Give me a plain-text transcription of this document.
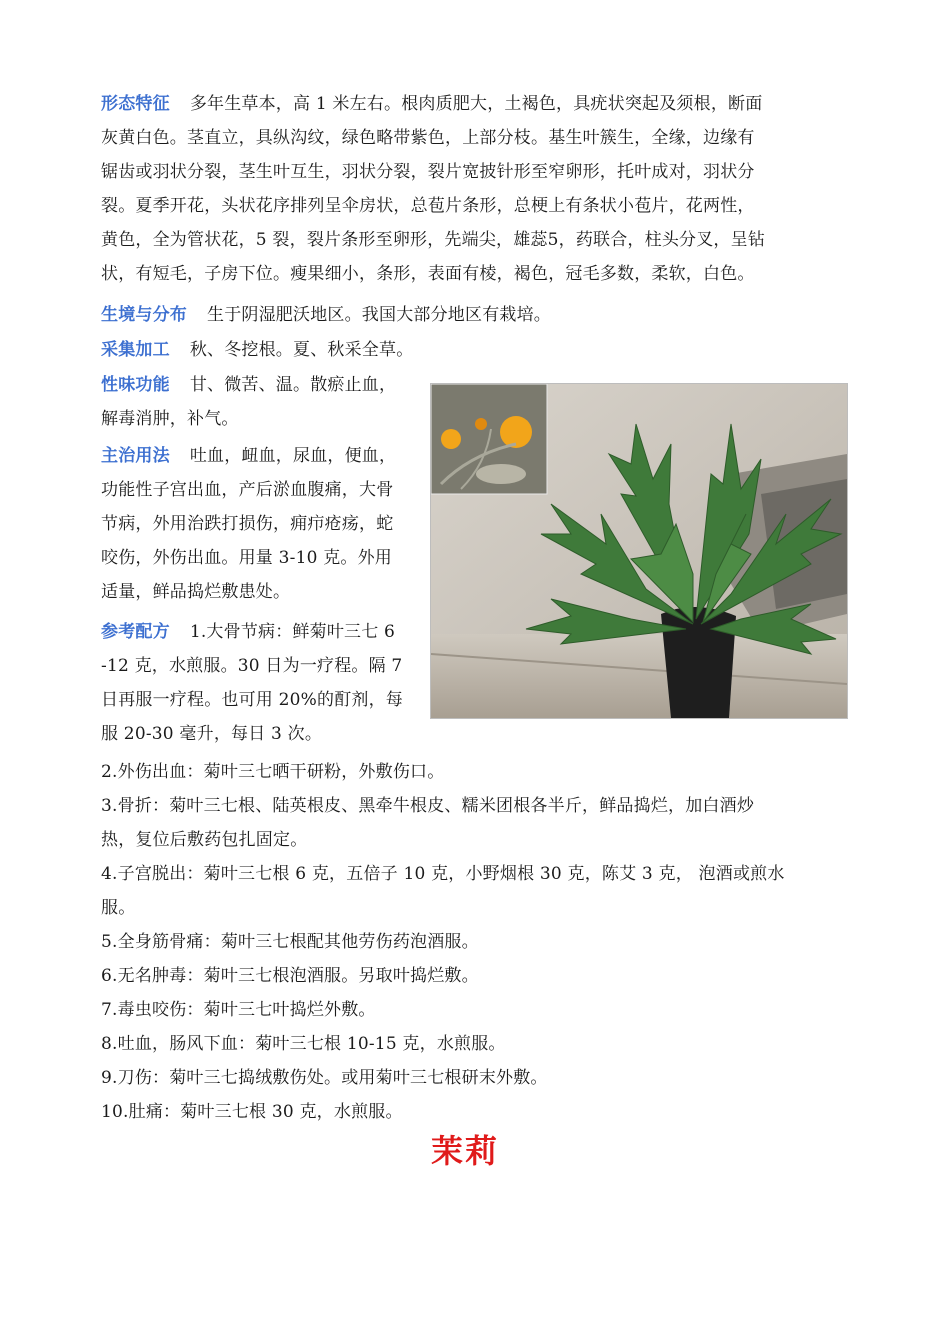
形态特征 多年生草本，高 1 米左右。根肉质肥大，土褐色，具疣状突起及须根，断面
灰黄白色。茎直立，具纵沟纹，绿色略带紫色，上部分枝。基生叶簇生，全缘，边缘有
锯齿或羽状分裂，茎生叶互生，羽状分裂，裂片宽披针形至窄卵形，托叶成对，羽状分
裂。夏季开花，头状花序排列呈伞房状，总苞片条形，总梗上有条状小苞片，花两性，
黄色，全为管状花，5 裂，裂片条形至卵形，先端尖，雄蕊5，药联合，柱头分叉，呈钻
状，有短毛，子房下位。瘦果细小，条形，表面有棱，褐色，冠毛多数，柔软，白色。
生境与分布 生于阴湿肥沃地区。我国大部分地区有栽培。
采集加工 秋、冬挖根。夏、秋采全草。
性味功能 甘、微苦、温。散瘀止血，
解毒消肿，补气。
主治用法 吐血，衄血，尿血，便血，
功能性子宫出血，产后淤血腹痛，大骨
节病，外用治跌打损伤，痈疖疮疡，蛇
咬伤，外伤出血。用量 3-10 克。外用
适量，鲜品捣烂敷患处。
参考配方 1.大骨节病：鲜菊叶三七 6
-12 克，水煎服。30 日为一疗程。隔 7
日再服一疗程。也可用 20%的酊剂，每
服 20-30 毫升，每日 3 次。
2.外伤出血：菊叶三七晒干研粉，外敷伤口。
3.骨折：菊叶三七根、陆英根皮、黑牵牛根皮、糯米团根各半斤，鲜品捣烂，加白酒炒
热，复位后敷药包扎固定。
4.子宫脱出：菊叶三七根 6 克，五倍子 10 克，小野烟根 30 克，陈艾 3 克， 泡酒或煎水
服。
5.全身筋骨痛：菊叶三七根配其他劳伤药泡酒服。
6.无名肿毒：菊叶三七根泡酒服。另取叶捣烂敷。
7.毒虫咬伤：菊叶三七叶捣烂外敷。
8.吐血，肠风下血：菊叶三七根 10-15 克，水煎服。
9.刀伤：菊叶三七捣绒敷伤处。或用菊叶三七根研末外敷。
10.肚痛：菊叶三七根 30 克，水煎服。
茉莉
